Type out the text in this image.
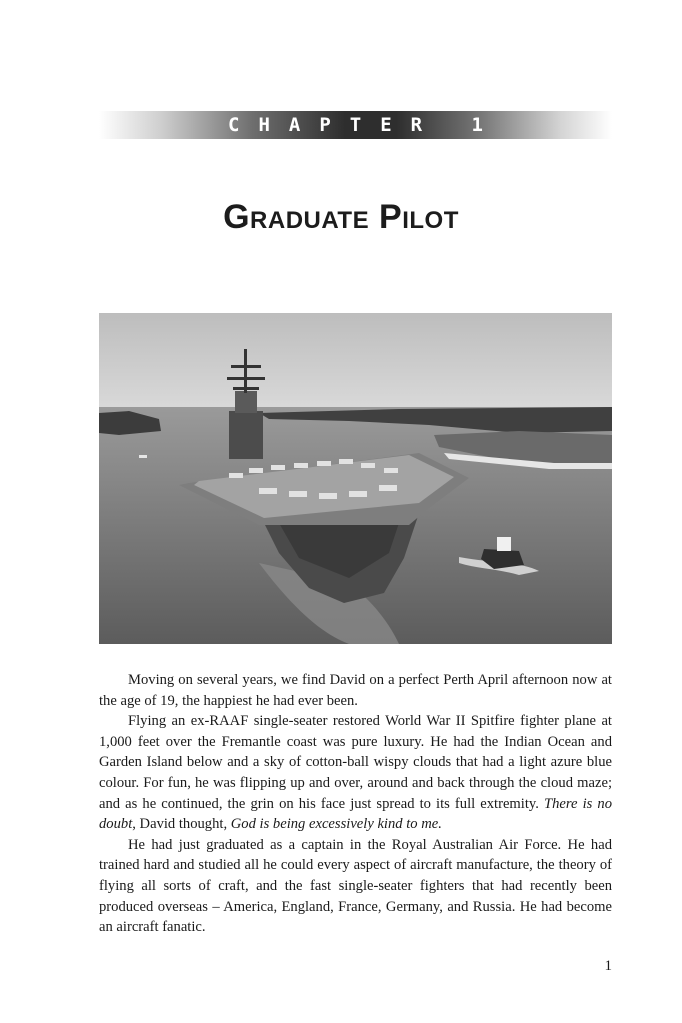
CHAPTER 1
Graduate Pilot

Moving on several years, we find David on a perfect Perth April afternoon now at the age of 19, the happiest he had ever been.

Flying an ex-RAAF single-seater restored World War II Spitfire fighter plane at 1,000 feet over the Fremantle coast was pure luxury. He had the Indian Ocean and Garden Island below and a sky of cotton-ball wispy clouds that had a light azure blue colour. For fun, he was flipping up and over, around and back through the cloud maze; and as he continued, the grin on his face just spread to its full extremity. There is no doubt, David thought, God is being excessively kind to me.

He had just graduated as a captain in the Royal Australian Air Force. He had trained hard and studied all he could every aspect of aircraft manufacture, the theory of flying all sorts of craft, and the fast single-seater fighters that had recently been produced overseas – America, England, France, Germany, and Russia. He had become an aircraft fanatic.

1
